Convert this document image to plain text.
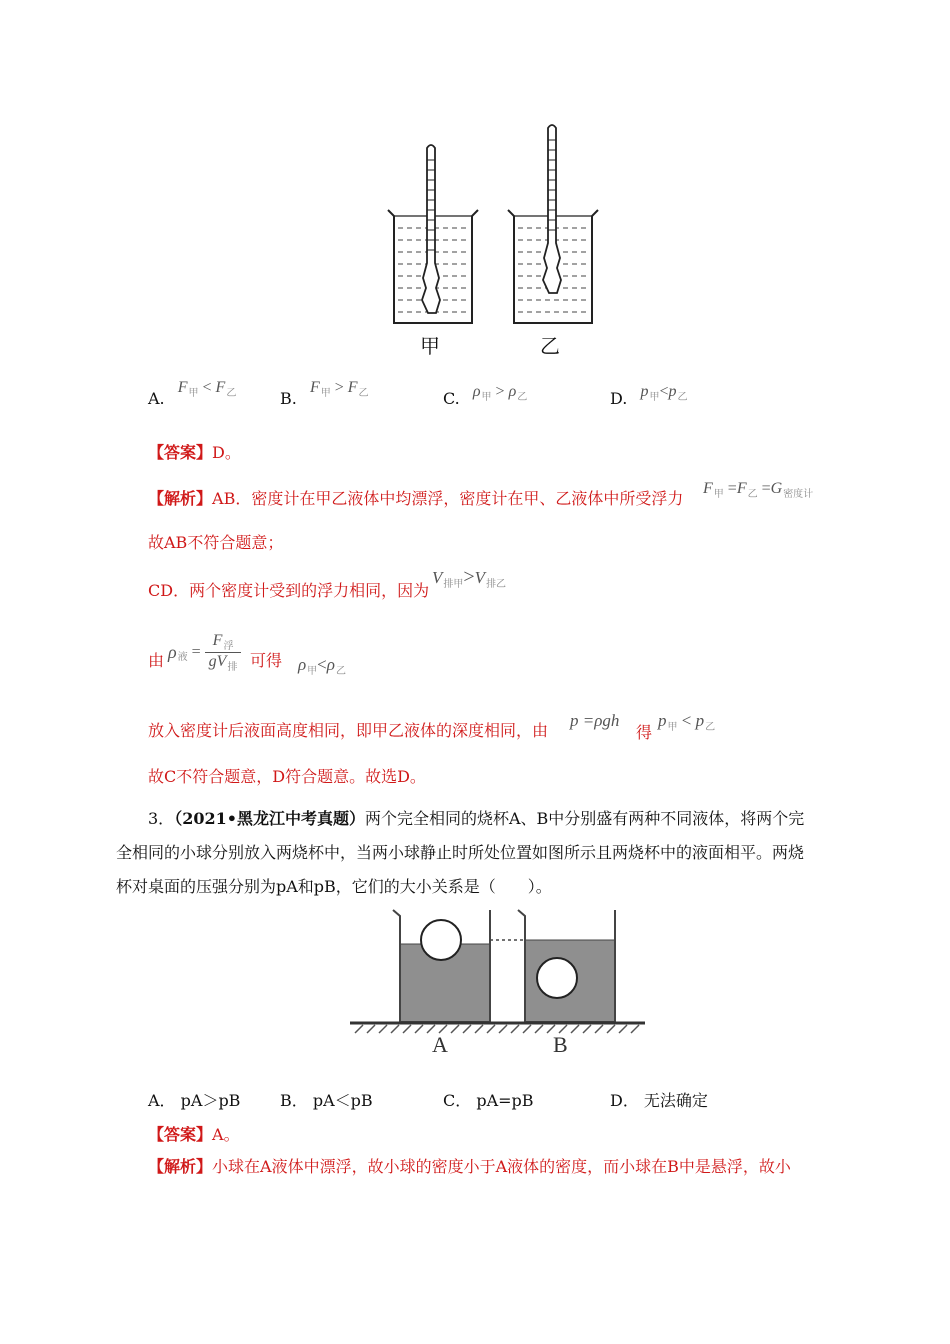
甲	乙
A. $F_甲 < F_乙$	B. $F_甲 > F_乙$	C. $\rho_甲 > \rho_乙$	D. $p_甲<p_乙$
【答案】D。
【解析】AB．密度计在甲乙液体中均漂浮，密度计在甲、乙液体中所受浮力
$F_甲 =F_乙 =G_{密度计}$
故AB不符合题意；
CD．两个密度计受到的浮力相同，因为
$V_{排甲}>V_{排乙}$
由 $\rho_液 = \frac{F_浮}{gV_排}$ 可得 $\rho_甲<\rho_乙$
放入密度计后液面高度相同，即甲乙液体的深度相同，由
p =ρgh
得
$p_甲 < p_乙$
故C不符合题意，D符合题意。故选D。
3．（2021•黑龙江中考真题）两个完全相同的烧杯A、B中分别盛有两种不同液体，将两个完
全相同的小球分别放入两烧杯中，当两小球静止时所处位置如图所示且两烧杯中的液面相平。两烧
杯对桌面的压强分别为pA和pB，它们的大小关系是（　　）。
A	B
A． pA＞pB B． pA＜pB	C． pA=pB	D． 无法确定
【答案】A。
【解析】小球在A液体中漂浮，故小球的密度小于A液体的密度，而小球在B中是悬浮，故小
